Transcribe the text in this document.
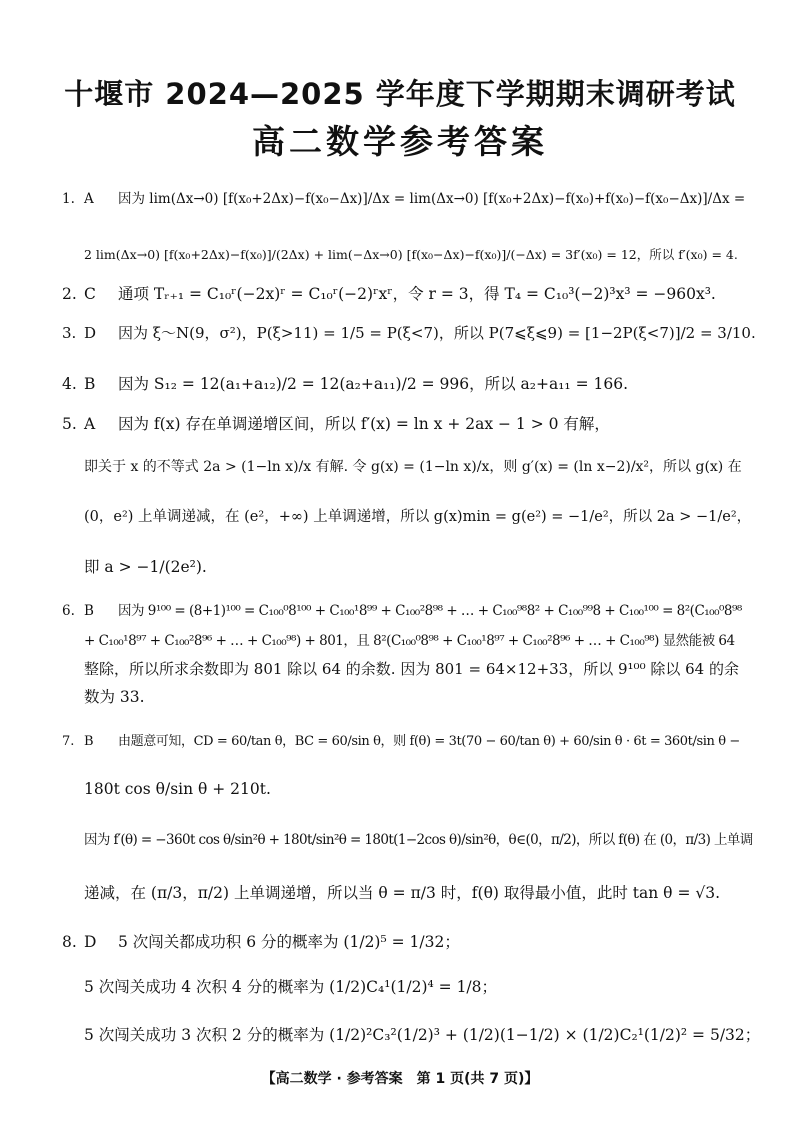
十堰市 2024—2025 学年度下学期期末调研考试
高二数学参考答案
1. A 因为 lim(Δx→0) [f(x₀+2Δx)−f(x₀−Δx)]/Δx = lim(Δx→0) [f(x₀+2Δx)−f(x₀)+f(x₀)−f(x₀−Δx)]/Δx =
2 lim(Δx→0) [f(x₀+2Δx)−f(x₀)]/(2Δx) + lim(−Δx→0) [f(x₀−Δx)−f(x₀)]/(−Δx) = 3f′(x₀) = 12，所以 f′(x₀) = 4.
2. C 通项 Tᵣ₊₁ = C₁₀ʳ(−2x)ʳ = C₁₀ʳ(−2)ʳxʳ，令 r = 3，得 T₄ = C₁₀³(−2)³x³ = −960x³.
3. D 因为 ξ～N(9，σ²)，P(ξ>11) = 1/5 = P(ξ<7)，所以 P(7⩽ξ⩽9) = [1−2P(ξ<7)]/2 = 3/10.
4. B 因为 S₁₂ = 12(a₁+a₁₂)/2 = 12(a₂+a₁₁)/2 = 996，所以 a₂+a₁₁ = 166.
5. A 因为 f(x) 存在单调递增区间，所以 f′(x) = ln x + 2ax − 1 > 0 有解，
即关于 x 的不等式 2a > (1−ln x)/x 有解. 令 g(x) = (1−ln x)/x，则 g′(x) = (ln x−2)/x²，所以 g(x) 在
(0，e²) 上单调递减，在 (e²，+∞) 上单调递增，所以 g(x)min = g(e²) = −1/e²，所以 2a > −1/e²，
即 a > −1/(2e²).
6. B 因为 9¹⁰⁰ = (8+1)¹⁰⁰ = C₁₀₀⁰8¹⁰⁰ + C₁₀₀¹8⁹⁹ + C₁₀₀²8⁹⁸ + … + C₁₀₀⁹⁸8² + C₁₀₀⁹⁹8 + C₁₀₀¹⁰⁰ = 8²(C₁₀₀⁰8⁹⁸
+ C₁₀₀¹8⁹⁷ + C₁₀₀²8⁹⁶ + … + C₁₀₀⁹⁸) + 801，且 8²(C₁₀₀⁰8⁹⁸ + C₁₀₀¹8⁹⁷ + C₁₀₀²8⁹⁶ + … + C₁₀₀⁹⁸) 显然能被 64
整除，所以所求余数即为 801 除以 64 的余数. 因为 801 = 64×12+33，所以 9¹⁰⁰ 除以 64 的余
数为 33.
7. B 由题意可知，CD = 60/tan θ，BC = 60/sin θ，则 f(θ) = 3t(70 − 60/tan θ) + 60/sin θ · 6t = 360t/sin θ −
180t cos θ/sin θ + 210t.
因为 f′(θ) = −360t cos θ/sin²θ + 180t/sin²θ = 180t(1−2cos θ)/sin²θ，θ∈(0，π/2)，所以 f(θ) 在 (0，π/3) 上单调
递减，在 (π/3，π/2) 上单调递增，所以当 θ = π/3 时，f(θ) 取得最小值，此时 tan θ = √3.
8. D 5 次闯关都成功积 6 分的概率为 (1/2)⁵ = 1/32；
5 次闯关成功 4 次积 4 分的概率为 (1/2)C₄¹(1/2)⁴ = 1/8；
5 次闯关成功 3 次积 2 分的概率为 (1/2)²C₃²(1/2)³ + (1/2)(1−1/2) × (1/2)C₂¹(1/2)² = 5/32；
【高二数学 · 参考答案　第 1 页(共 7 页)】
